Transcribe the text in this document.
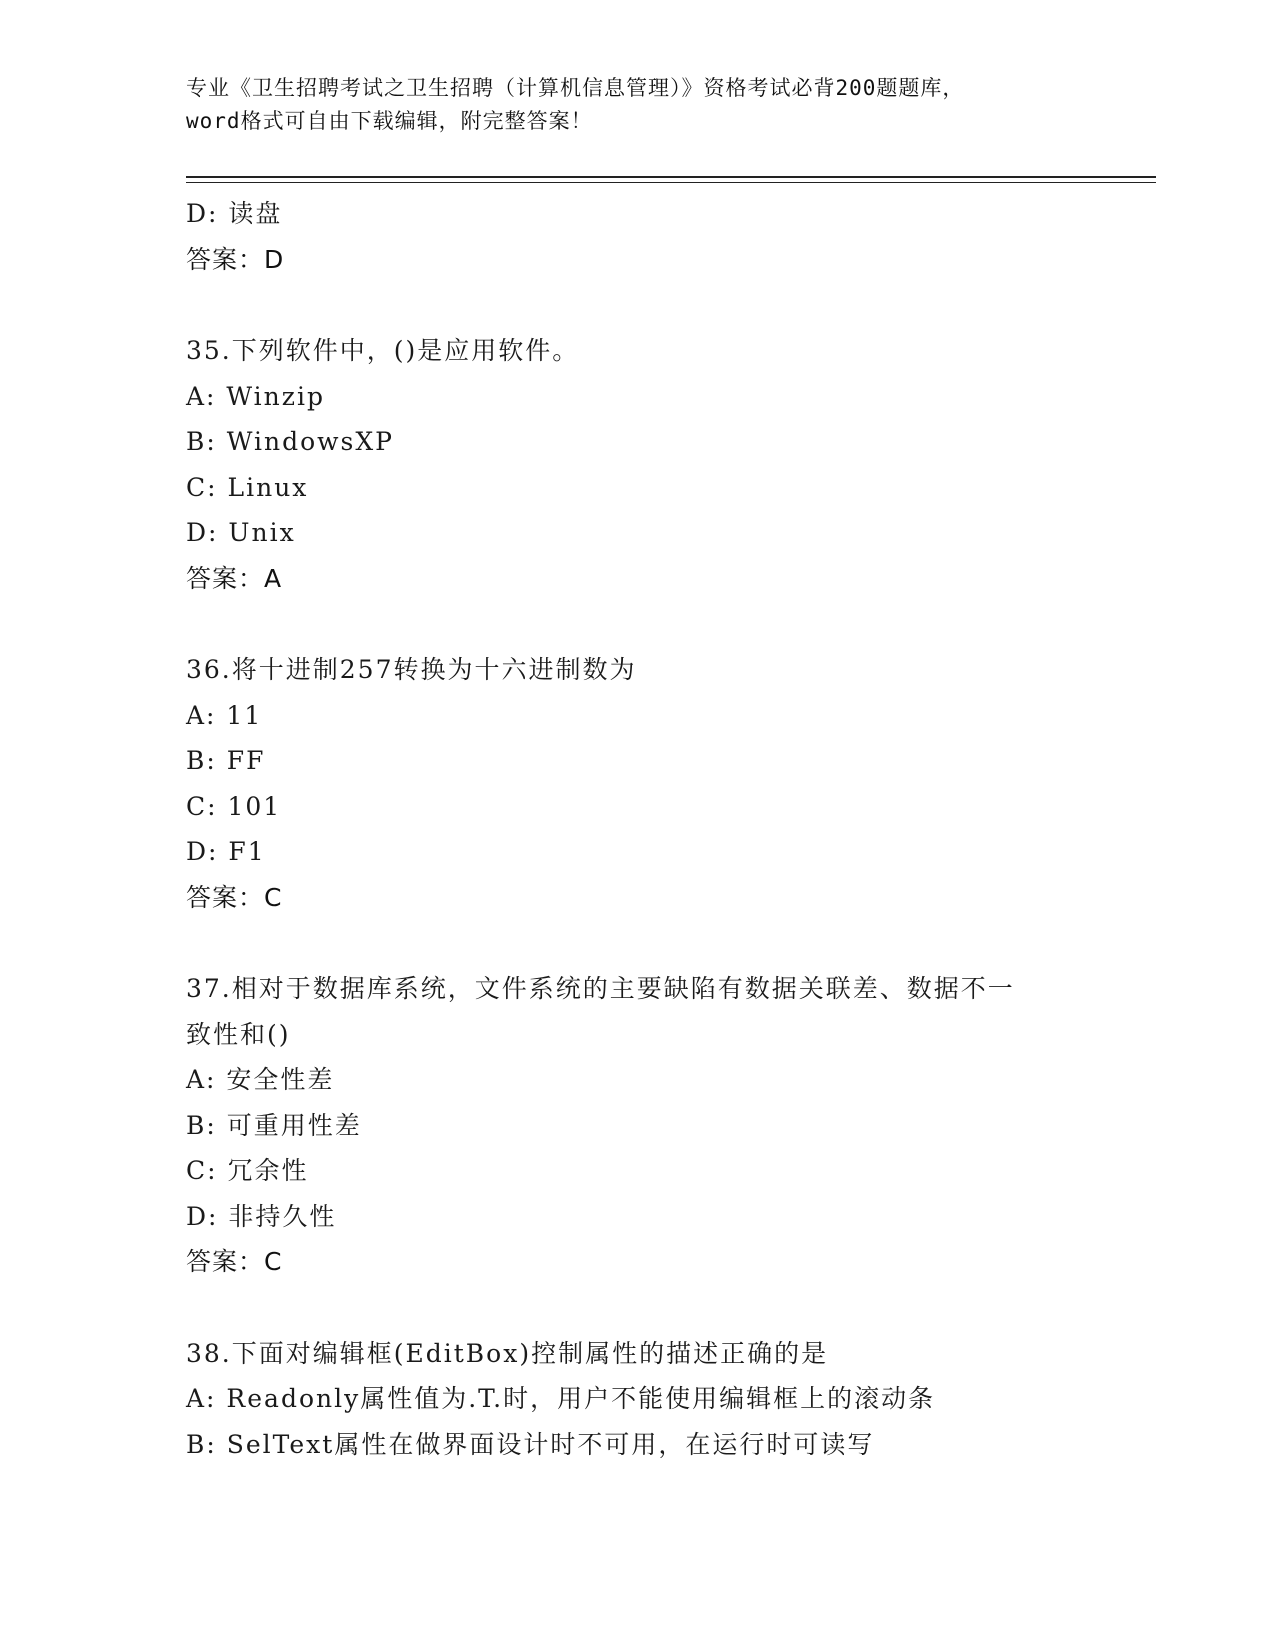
专业《卫生招聘考试之卫生招聘（计算机信息管理）》资格考试必背200题题库，
word格式可自由下载编辑，附完整答案！
D: 读盘
答案：D
35.下列软件中，()是应用软件。
A: Winzip
B: WindowsXP
C: Linux
D: Unix
答案：A
36.将十进制257转换为十六进制数为
A: 11
B: FF
C: 101
D: F1
答案：C
37.相对于数据库系统，文件系统的主要缺陷有数据关联差、数据不一
致性和()
A: 安全性差
B: 可重用性差
C: 冗余性
D: 非持久性
答案：C
38.下面对编辑框(EditBox)控制属性的描述正确的是
A: Readonly属性值为.T.时，用户不能使用编辑框上的滚动条
B: SelText属性在做界面设计时不可用，在运行时可读写
